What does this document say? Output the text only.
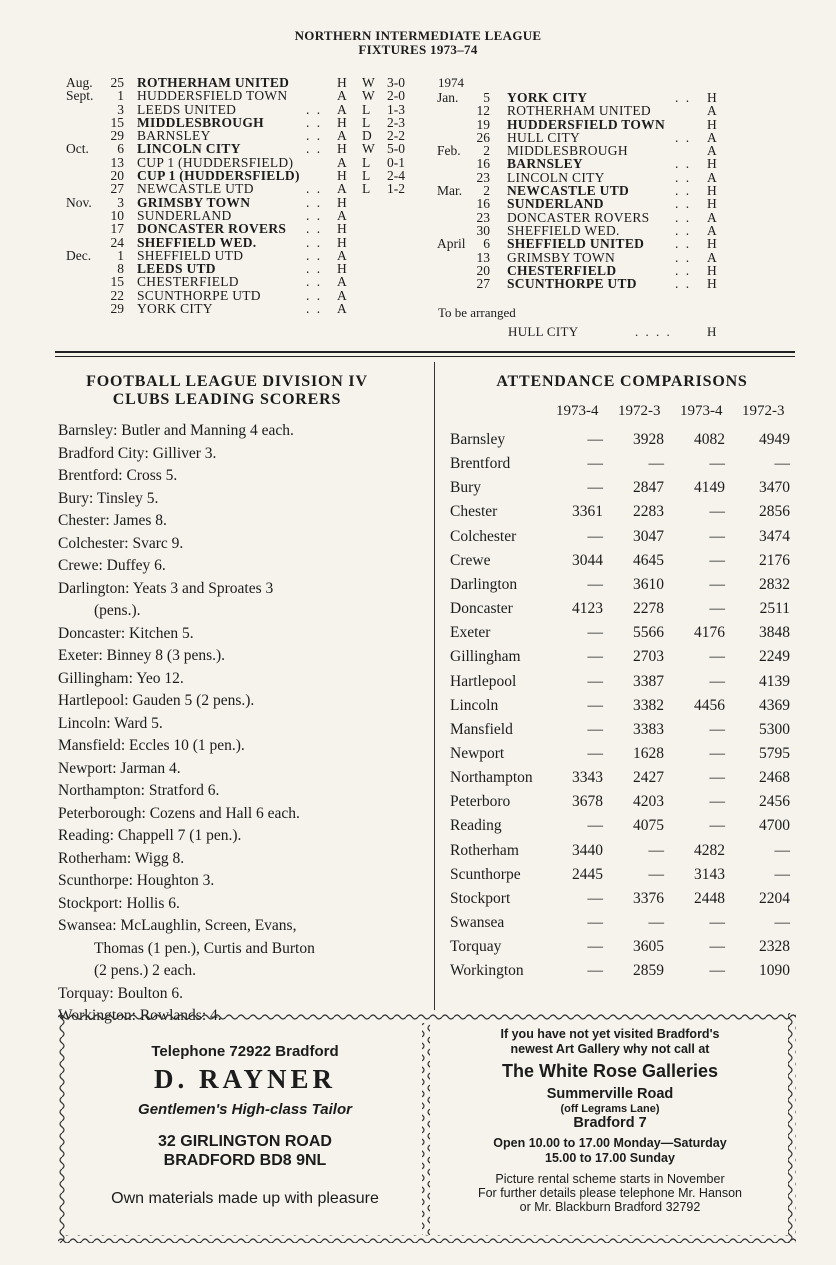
NORTHERN INTERMEDIATE LEAGUE
FIXTURES 1973–74
Aug.	25 ROTHERHAM UNITED	H W 3-0
Sept.	1 HUDDERSFIELD TOWN	A W 2-0
3 LEEDS UNITED	. . A L 1-3
15 MIDDLESBROUGH	. . H L 2-3
29 BARNSLEY	. . A D 2-2
Oct.	6 LINCOLN CITY	. . H W 5-0
13 CUP 1 (HUDDERSFIELD)	A L 0-1
20 CUP 1 (HUDDERSFIELD)	H L 2-4
27 NEWCASTLE UTD	. . A L 1-2
Nov.	3 GRIMSBY TOWN	. . H
10 SUNDERLAND	. . A
17 DONCASTER ROVERS . . H
24 SHEFFIELD WED.	. . H
Dec.	1 SHEFFIELD UTD	. . A
8 LEEDS UTD	. . H
15 CHESTERFIELD	. . A
22 SCUNTHORPE UTD	. . A
29 YORK CITY	. . A
1974
Jan.	5 YORK CITY	. . H
12 ROTHERHAM UNITED	A
19 HUDDERSFIELD TOWN	H
26 HULL CITY	. . A
Feb.	2 MIDDLESBROUGH	A
16 BARNSLEY	. . H
23 LINCOLN CITY	. . A
Mar.	2 NEWCASTLE UTD	. . H
16 SUNDERLAND	. . H
23 DONCASTER ROVERS . . A
30 SHEFFIELD WED.	. . A
April	6 SHEFFIELD UNITED . . H
13 GRIMSBY TOWN	. . A
20 CHESTERFIELD	. . H
27 SCUNTHORPE UTD	. . H
To be arranged
HULL CITY	. . . .	H
FOOTBALL LEAGUE DIVISION IV
CLUBS LEADING SCORERS
Barnsley: Butler and Manning 4 each.
Bradford City: Gilliver 3.
Brentford: Cross 5.
Bury: Tinsley 5.
Chester: James 8.
Colchester: Svarc 9.
Crewe: Duffey 6.
Darlington: Yeats 3 and Sproates 3
(pens.).
Doncaster: Kitchen 5.
Exeter: Binney 8 (3 pens.).
Gillingham: Yeo 12.
Hartlepool: Gauden 5 (2 pens.).
Lincoln: Ward 5.
Mansfield: Eccles 10 (1 pen.).
Newport: Jarman 4.
Northampton: Stratford 6.
Peterborough: Cozens and Hall 6 each.
Reading: Chappell 7 (1 pen.).
Rotherham: Wigg 8.
Scunthorpe: Houghton 3.
Stockport: Hollis 6.
Swansea: McLaughlin, Screen, Evans,
Thomas (1 pen.), Curtis and Burton
(2 pens.) 2 each.
Torquay: Boulton 6.
ATTENDANCE COMPARISONS
1973-4 1972-3 1973-4 1972-3
Barnsley	—	3928	4082	4949
Brentford	—	—	—	—
Bury	—	2847	4149	3470
Chester	3361	2283	—	2856
Colchester	—	3047	—	3474
Crewe	3044	4645	—	2176
Darlington	—	3610	—	2832
Doncaster	4123	2278	—	2511
Exeter	—	5566	4176	3848
Gillingham	—	2703	—	2249
Hartlepool	—	3387	—	4139
Lincoln	—	3382	4456	4369
Mansfield	—	3383	—	5300
Newport	—	1628	—	5795
Northampton	3343	2427	—	2468
Peterboro	3678	4203	—	2456
Reading	—	4075	—	4700
Rotherham	3440	—	4282	—
Scunthorpe	2445	—	3143	—
Stockport	—	3376	2448	2204
Swansea	—	—	—	—
Torquay	—	3605	—	2328
Workington	—	2859	—	1090
Telephone 72922 Bradford
D. RAYNER
Gentlemen's High-class Tailor
32 GIRLINGTON ROAD
BRADFORD BD8 9NL
Own materials made up with pleasure
If you have not yet visited Bradford's
newest Art Gallery why not call at
The White Rose Galleries
Summerville Road
(off Legrams Lane)
Bradford 7
Open 10.00 to 17.00 Monday—Saturday
15.00 to 17.00 Sunday
Picture rental scheme starts in November
For further details please telephone Mr. Hanson
or Mr. Blackburn Bradford 32792
